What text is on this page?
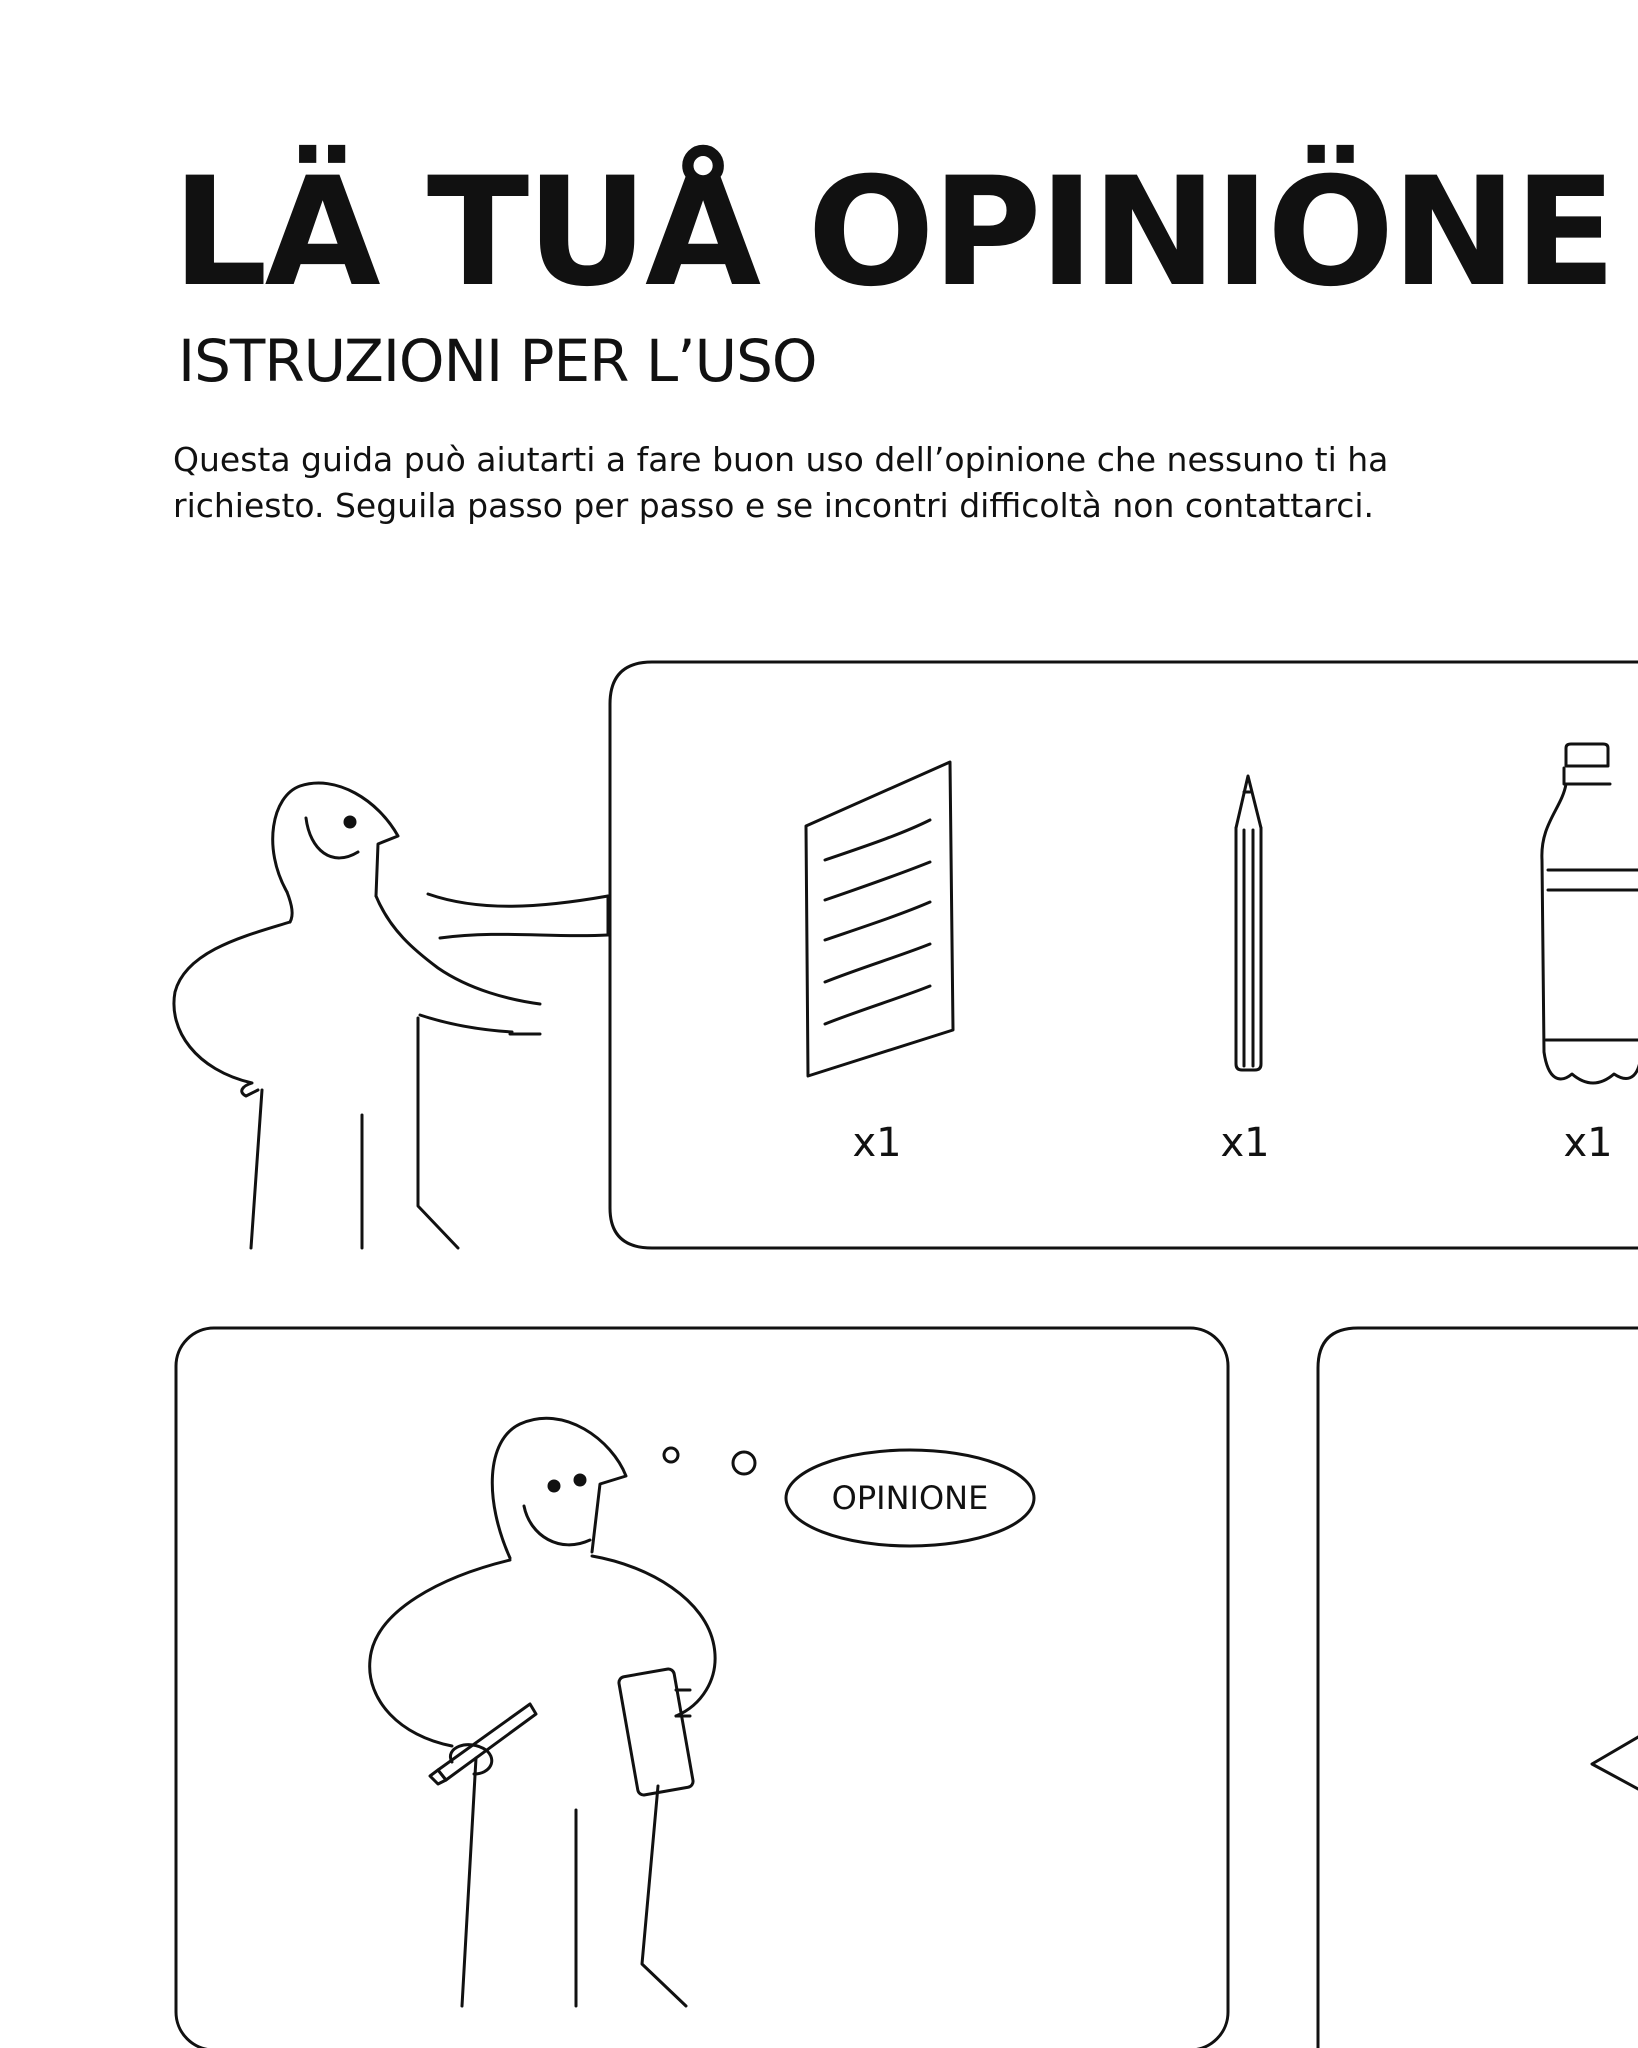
LÄ TUÅ OPINIÖNE
ISTRUZIONI PER L’USO

Questa guida può aiutarti a fare buon uso dell’opinione che nessuno ti ha
richiesto. Seguila passo per passo e se incontri difficoltà non contattarci.

x1	x1	x1
OPINIONE
